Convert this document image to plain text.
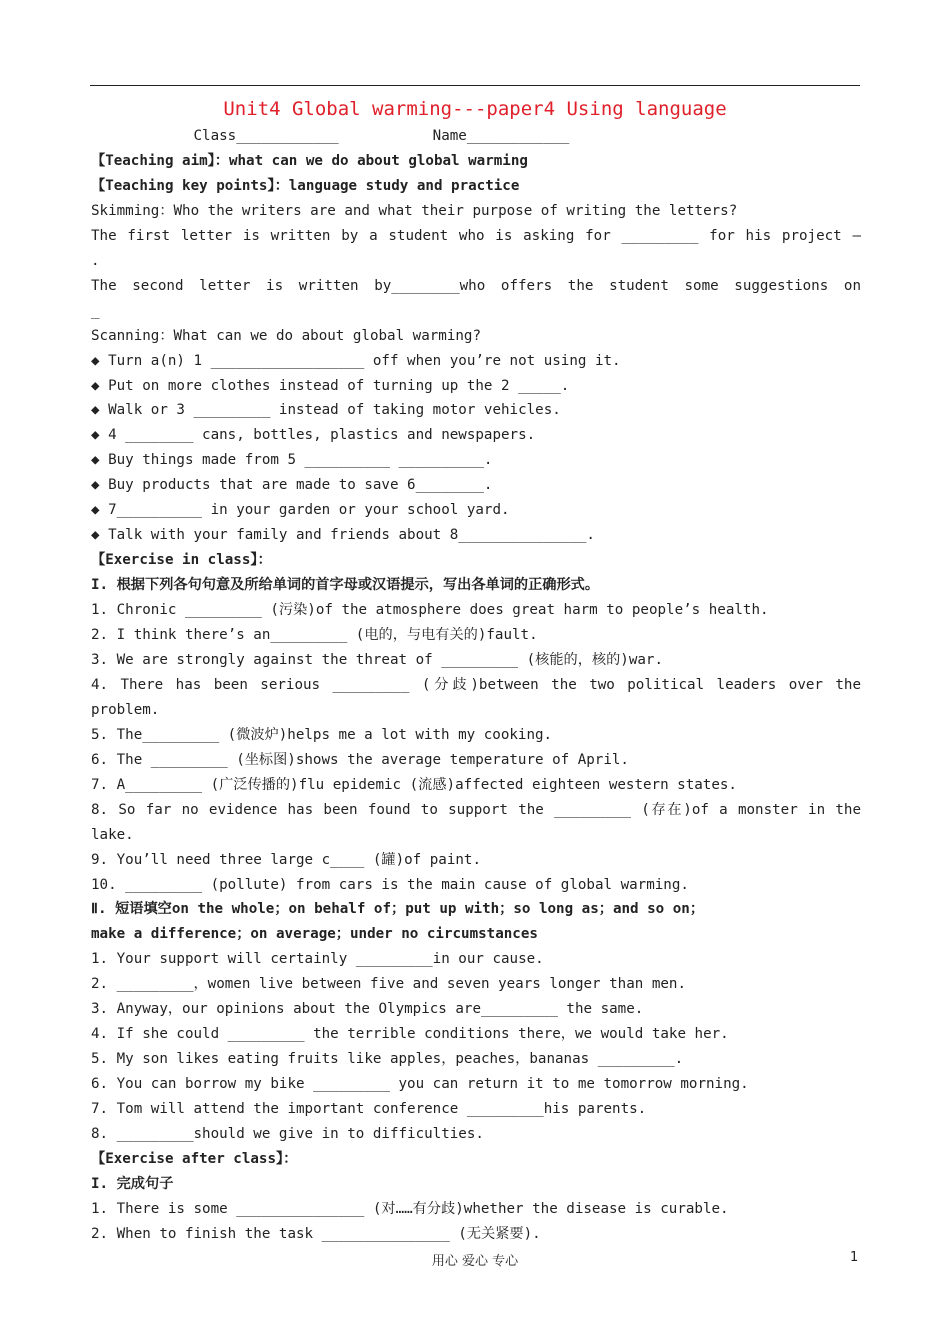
Unit4 Global warming---paper4 Using language
Class____________           Name____________
【Teaching aim】：what can we do about global warming
【Teaching key points】：language study and practice
Skimming：Who the writers are and what their purpose of writing the letters?
The first letter is written by a student who is asking for _________ for his project —
.
The second letter is written by________who offers the student some suggestions on
_
Scanning：What can we do about global warming?
◆ Turn a(n) 1 __________________ off when you’re not using it.
◆ Put on more clothes instead of turning up the 2 _____.
◆ Walk or 3 _________ instead of taking motor vehicles.
◆ 4 ________ cans, bottles, plastics and newspapers.
◆ Buy things made from 5 __________ __________.
◆ Buy products that are made to save 6________.
◆ 7__________ in your garden or your school yard.
◆ Talk with your family and friends about 8_______________.
【Exercise in class】：
I. 根据下列各句句意及所给单词的首字母或汉语提示，写出各单词的正确形式。
1. Chronic _________ (污染)of the atmosphere does great harm to people’s health.
2. I think there’s an_________ (电的，与电有关的)fault.
3. We are strongly against the threat of _________ (核能的，核的)war.
4. There has been serious _________ (分歧)between the two political leaders over the
problem.
5. The_________ (微波炉)helps me a lot with my cooking.
6. The _________ (坐标图)shows the average temperature of April.
7. A_________ (广泛传播的)flu epidemic (流感)affected eighteen western states.
8. So far no evidence has been found to support the _________ (存在)of a monster in the
lake.
9. You’ll need three large c____ (罐)of paint.
10. _________ (pollute) from cars is the main cause of global warming.
Ⅱ. 短语填空on the whole；on behalf of；put up with；so long as；and so on；
make a difference；on average；under no circumstances
1. Your support will certainly _________in our cause.
2. _________，women live between five and seven years longer than men.
3. Anyway，our opinions about the Olympics are_________ the same.
4. If she could _________ the terrible conditions there，we would take her.
5. My son likes eating fruits like apples，peaches，bananas _________.
6. You can borrow my bike _________ you can return it to me tomorrow morning.
7. Tom will attend the important conference _________his parents.
8. _________should we give in to difficulties.
【Exercise after class】：
I. 完成句子
1. There is some _______________ (对……有分歧)whether the disease is curable.
2. When to finish the task _______________ (无关紧要).
用心 爱心 专心	1
